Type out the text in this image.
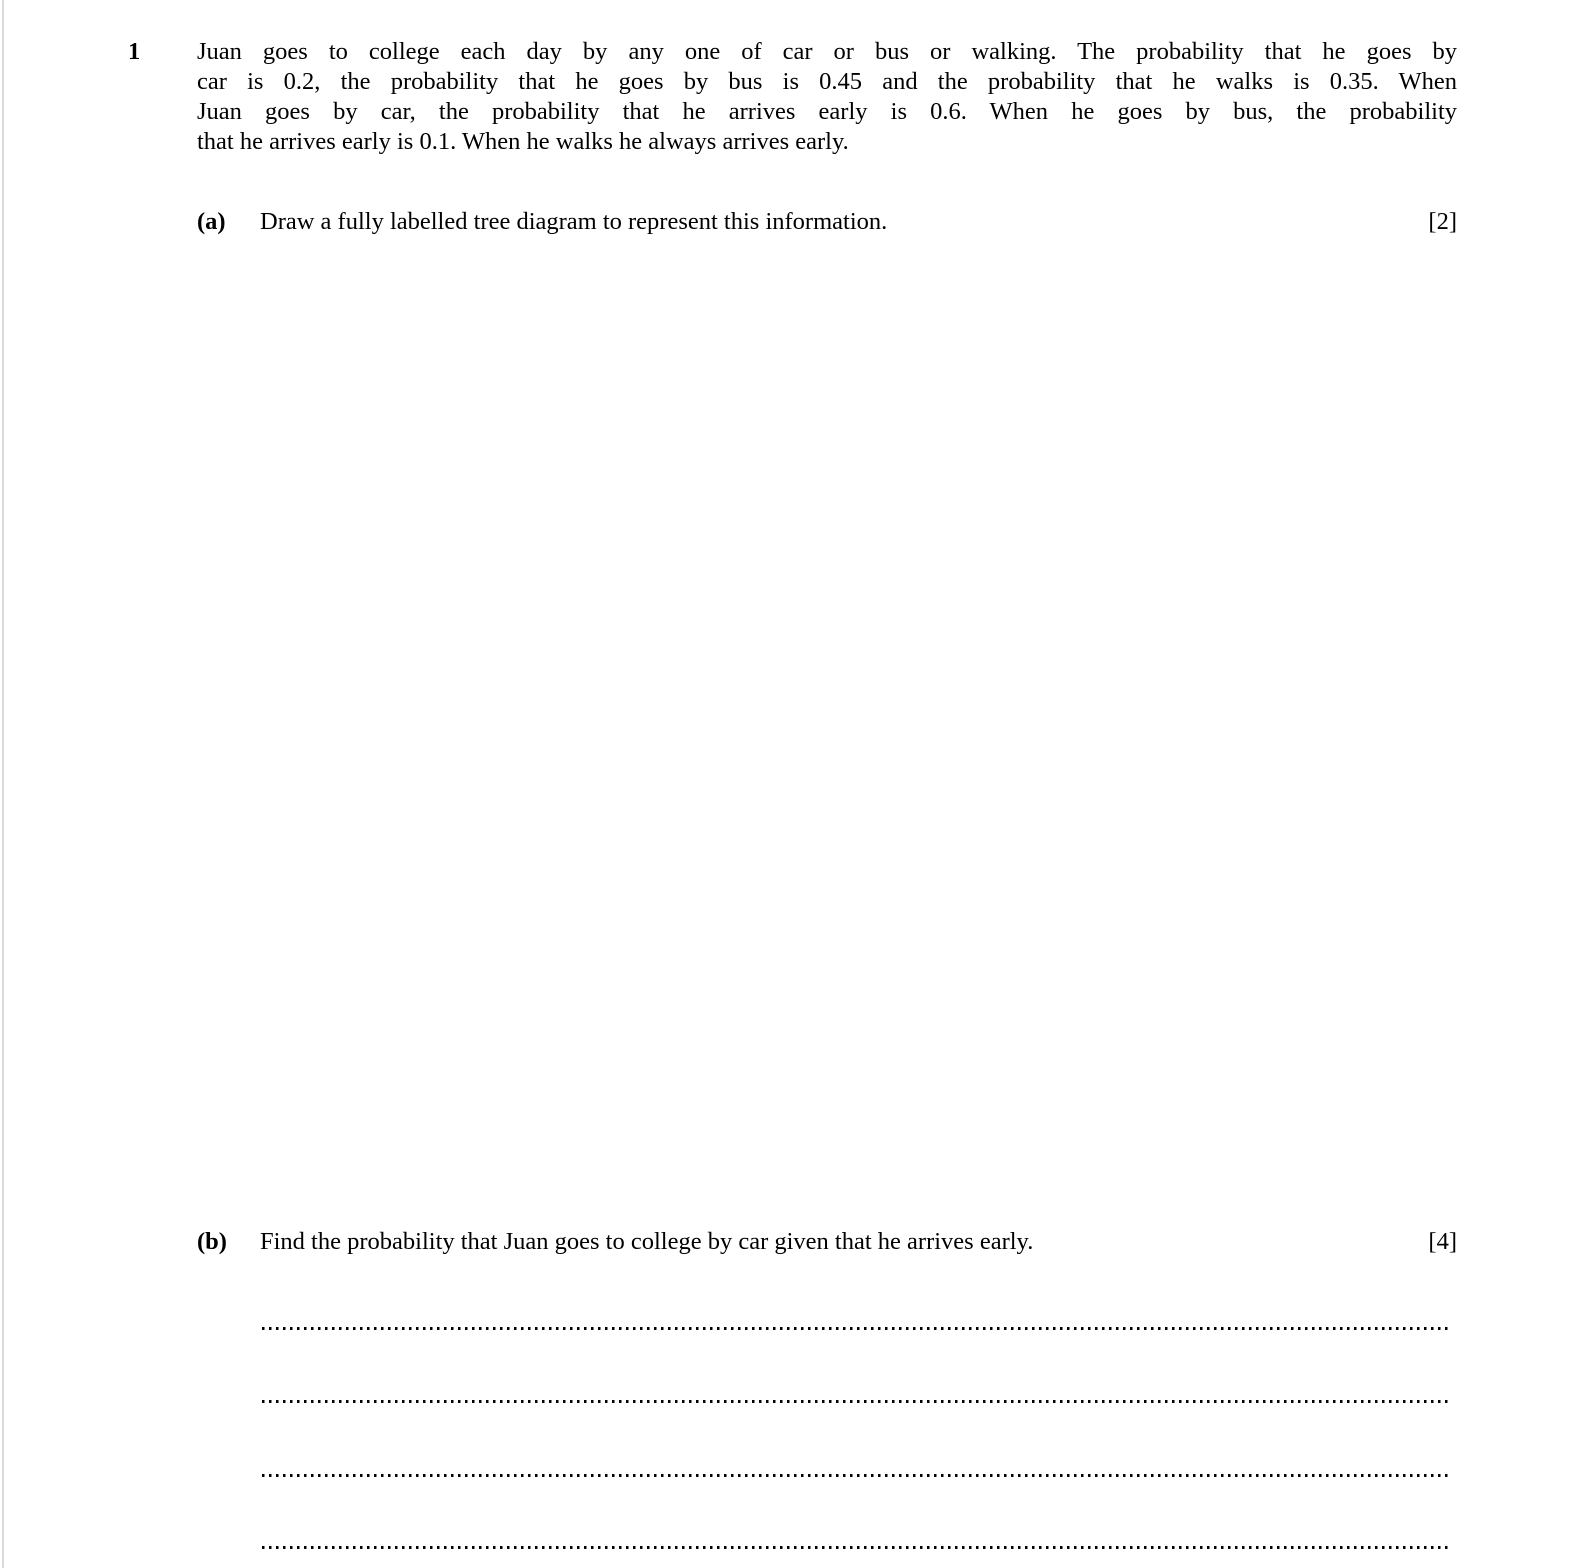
1 Juan goes to college each day by any one of car or bus or walking. The probability that he goes by
car is 0.2, the probability that he goes by bus is 0.45 and the probability that he walks is 0.35. When
Juan goes by car, the probability that he arrives early is 0.6. When he goes by bus, the probability
that he arrives early is 0.1. When he walks he always arrives early.
(a)	Draw a fully labelled tree diagram to represent this information.	[2]
(b)	Find the probability that Juan goes to college by car given that he arrives early.	[4]
